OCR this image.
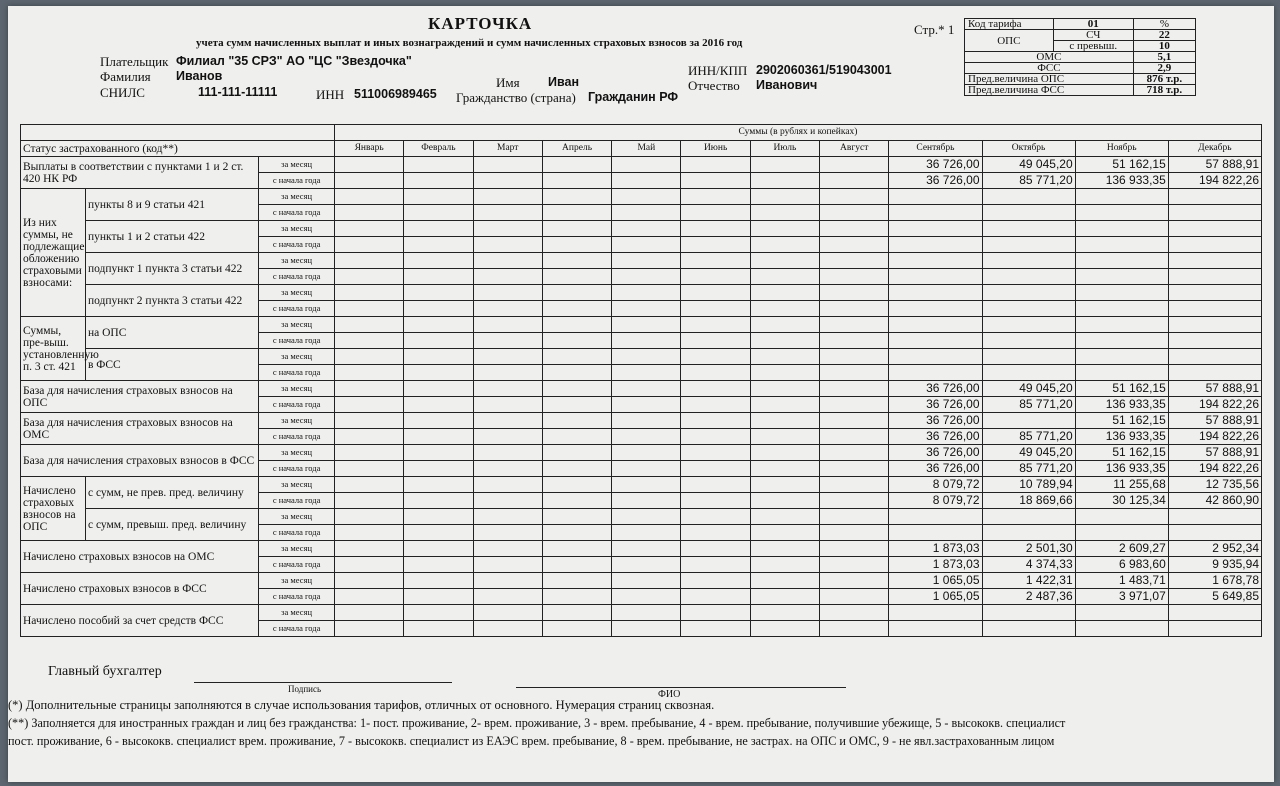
КАРТОЧКА
учета сумм начисленных выплат и иных вознаграждений и сумм начисленных страховых взносов за 2016 год
Стр.* 1
Плательщик Филиал "35 СРЗ" АО "ЦС "Звездочка"
ИНН/КПП 2902060361/519043001
Фамилия Иванов	Имя Иван	Отчество Иванович
СНИЛС	111-111-11111	ИНН 511006989465 Гражданство (страна) Гражданин РФ
Код тарифа	01	%
ОПС	СЧ	22
	с превыш.	10
ОМС		5,1
ФСС		2,9
Пред.величина ОПС		876 т.р.
Пред.величина ФСС		718 т.р.
			Суммы (в рублях и копейках)											
Статус застрахованного (код**)			Январь	Февраль	Март	Апрель	Май	Июнь	Июль	Август	Сентябрь	Октябрь	Ноябрь	Декабрь
Выплаты в соответствии с пунктами 1 и 2 ст. 420 НК РФ		за месяц									36 726,00	49 045,20	51 162,15	57 888,91
		с начала года									36 726,00	85 771,20	136 933,35	194 822,26
Из них суммы, не подлежащие обложению страховыми взносами:	пункты 8 и 9 статьи 421	за месяц												
		с начала года												
	пункты 1 и 2 статьи 422	за месяц												
		с начала года												
	подпункт 1 пункта 3 статьи 422	за месяц												
		с начала года												
	подпункт 2 пункта 3 статьи 422	за месяц												
		с начала года												
Суммы, пре-выш. установленную п. 3 ст. 421	на ОПС	за месяц												
		с начала года												
	в ФСС	за месяц												
		с начала года												
База для начисления страховых взносов на ОПС		за месяц									36 726,00	49 045,20	51 162,15	57 888,91
		с начала года									36 726,00	85 771,20	136 933,35	194 822,26
База для начисления страховых взносов на ОМС		за месяц									36 726,00		51 162,15	57 888,91
		с начала года									36 726,00	85 771,20	136 933,35	194 822,26
База для начисления страховых взносов в ФСС		за месяц									36 726,00	49 045,20	51 162,15	57 888,91
		с начала года									36 726,00	85 771,20	136 933,35	194 822,26
Начислено страховых взносов на ОПС	с сумм, не прев. пред. величину	за месяц									8 079,72	10 789,94	11 255,68	12 735,56
		с начала года									8 079,72	18 869,66	30 125,34	42 860,90
	с сумм, превыш. пред. величину	за месяц												
		с начала года												
Начислено страховых взносов на ОМС		за месяц									1 873,03	2 501,30	2 609,27	2 952,34
		с начала года									1 873,03	4 374,33	6 983,60	9 935,94
Начислено страховых взносов в ФСС		за месяц									1 065,05	1 422,31	1 483,71	1 678,78
		с начала года									1 065,05	2 487,36	3 971,07	5 649,85
Начислено пособий за счет средств ФСС		за месяц												
		с начала года												
Главный бухгалтер
Подпись	ФИО
(*) Дополнительные страницы заполняются в случае использования тарифов, отличных от основного. Нумерация страниц сквозная.
(**) Заполняется для иностранных граждан и лиц без гражданства: 1- пост. проживание, 2- врем. проживание, 3 - врем. пребывание, 4 - врем. пребывание, получившие убежище, 5 - высококв. специалист
пост. проживание, 6 - высококв. специалист врем. проживание, 7 - высококв. специалист из ЕАЭС врем. пребывание, 8 - врем. пребывание, не застрах. на ОПС и ОМС, 9 - не явл.застрахованным лицом
